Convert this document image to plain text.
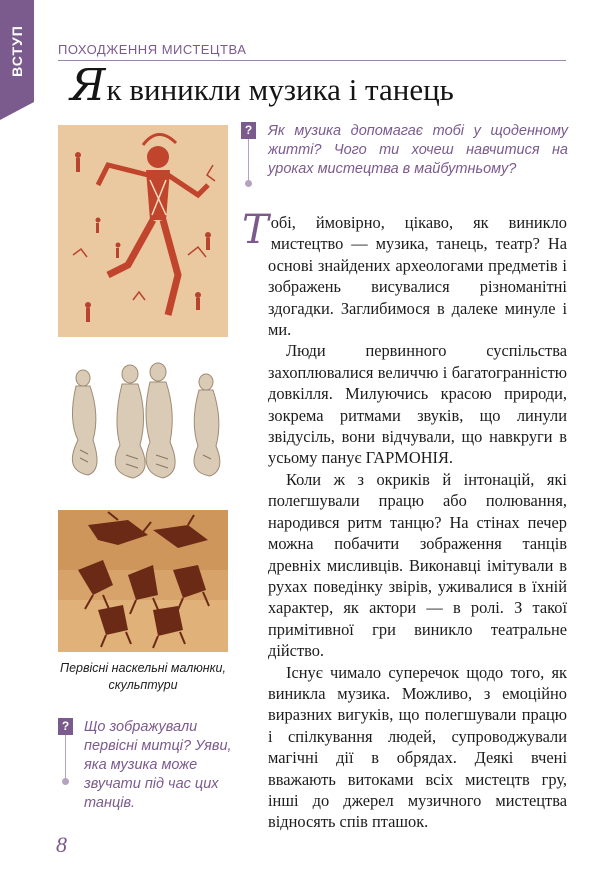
ВСТУП	ПОХОДЖЕННЯ МИСТЕЦТВА
Як виникли музика і танець
Первісні наскельні малюнки, скульптури
? Як музика допомагає тобі у щоденному житті? Чого ти хочеш навчитися на уроках мистецтва в майбутньому?

Тобі, ймовірно, цікаво, як виникло мистецтво — музика, танець, театр? На основі знайдених археологами предметів і зображень висувалися різноманітні здогадки. Заглибимося в далеке минуле і ми.

Люди первинного суспільства захоплювалися величчю і багатогранністю довкілля. Милуючись красою природи, зокрема ритмами звуків, що линули звідусіль, вони відчували, що навкруги в усьому панує ГАРМОНІЯ.

Коли ж з окриків й інтонацій, які полегшували працю або полювання, народився ритм танцю? На стінах печер можна побачити зображення танців древніх мисливців. Виконавці імітували в рухах поведінку звірів, уживалися в їхній характер, як актори — в ролі. З такої примітивної гри виникло театральне дійство.

Існує чимало суперечок щодо того, як виникла музика. Можливо, з емоційно виразних вигуків, що полегшували працю і спілкування людей, супроводжували магічні дії в обрядах. Деякі вчені вважають витоками всіх мистецтв гру, інші до джерел музичного мистецтва відносять спів пташок.

? Що зображували первісні митці? Уяви, яка музика може звучати під час цих танців.
8
